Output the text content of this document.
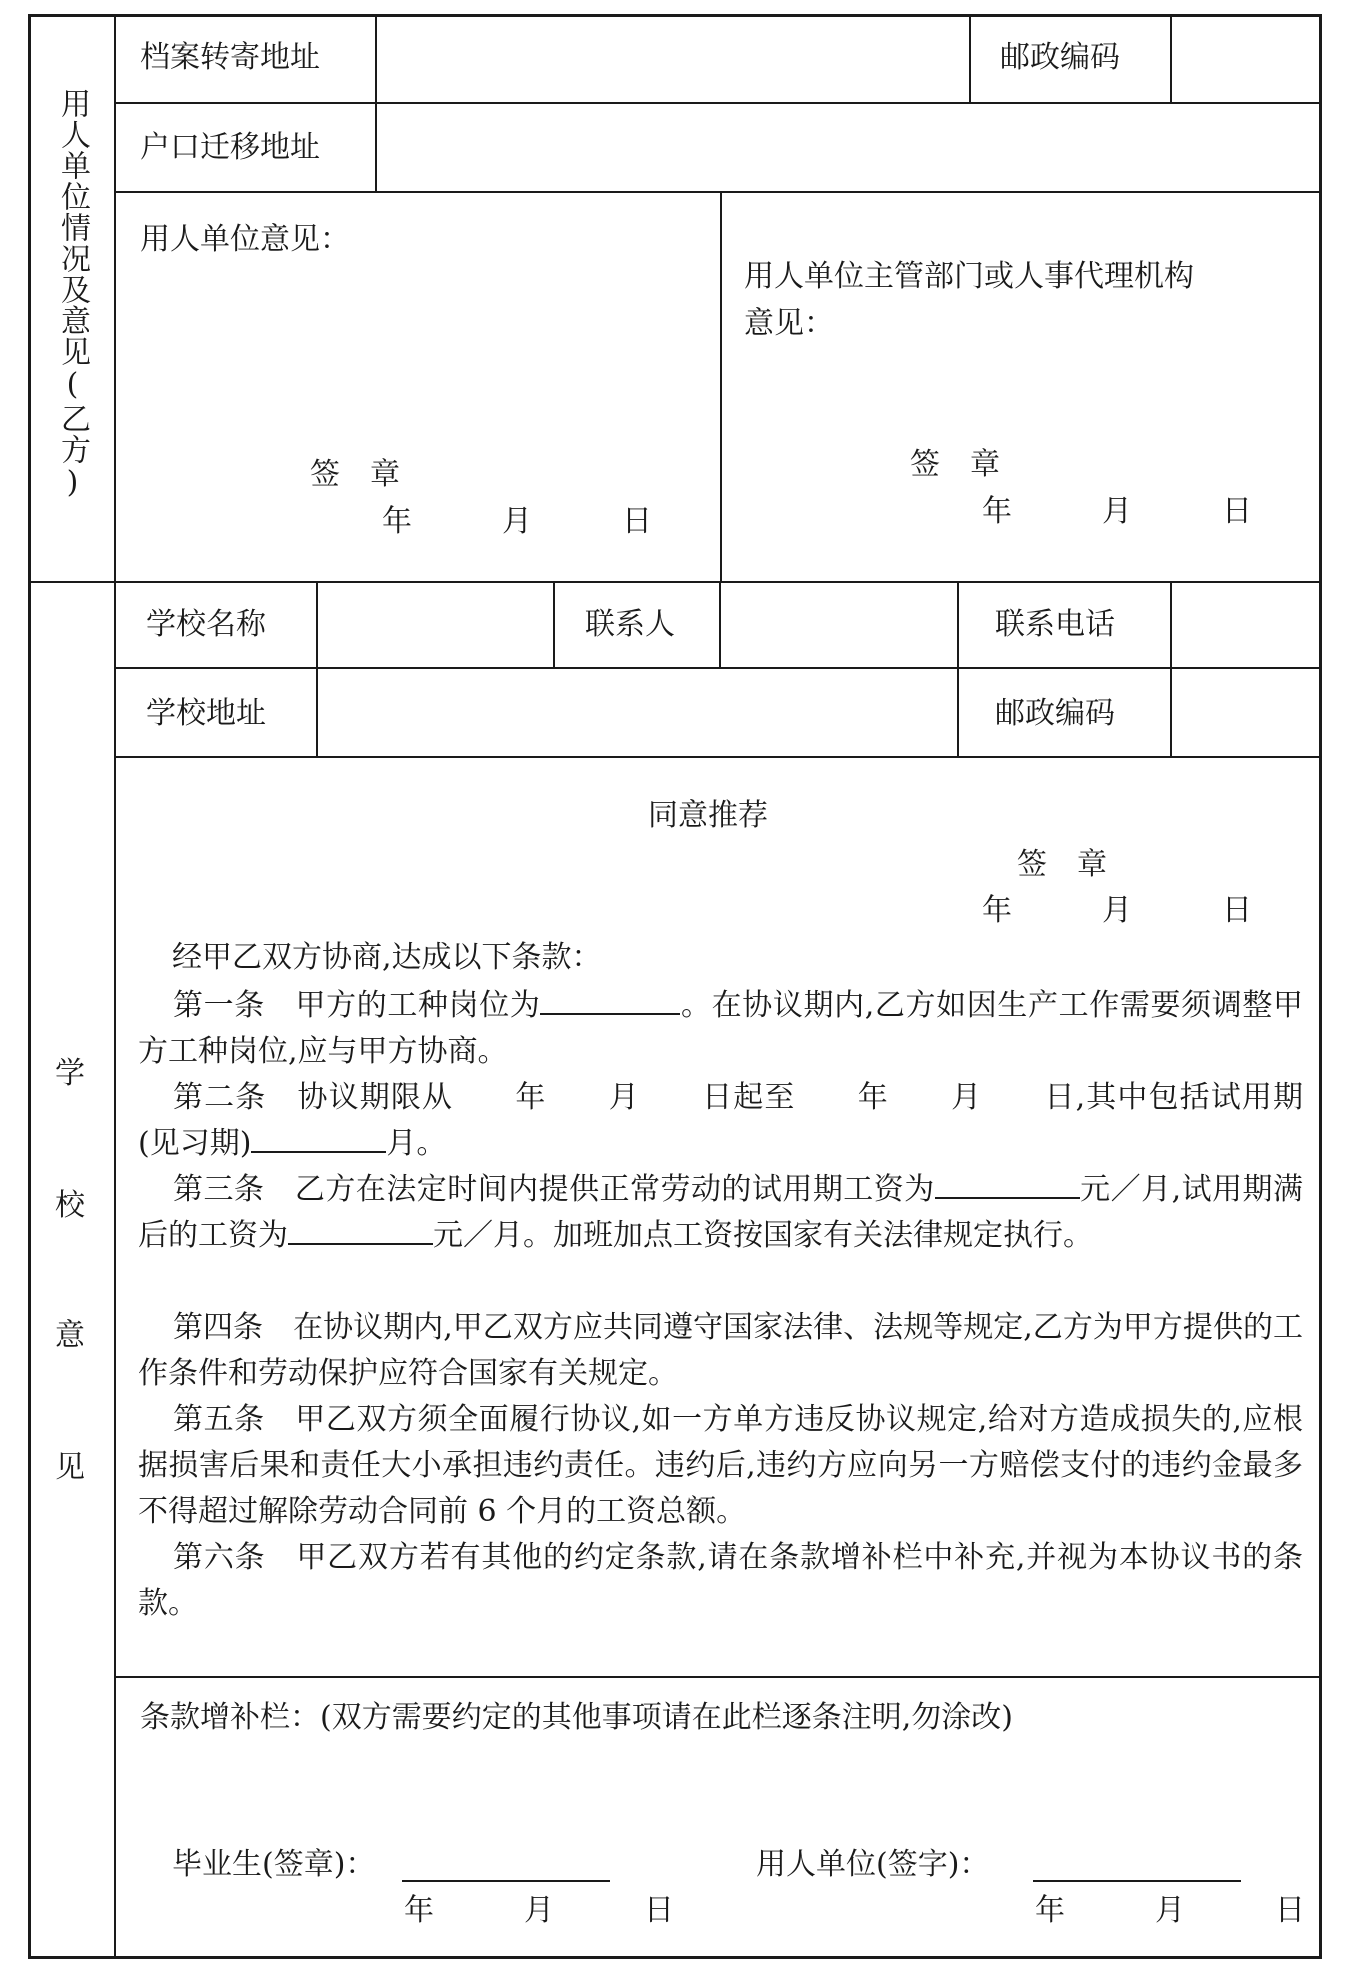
用人单位情况及意见(乙方)
学
校
意
见
档案转寄地址	邮政编码
户口迁移地址
用人单位意见：
签　章
年　　　月　　　日
用人单位主管部门或人事代理机构
意见：
签　章
年　　　月　　　日
学校名称	联系人	联系电话
学校地址	邮政编码
同意推荐
签　章
年　　　月　　　日
经甲乙双方协商,达成以下条款：
第一条　甲方的工种岗位为	。在协议期内,乙方如因生产工作需要须调整甲方工种岗位,应与甲方协商。
第二条　协议期限从　　年　　月　　日起至　　年　　月　　日,其中包括试用期(见习期)	月。
第三条　乙方在法定时间内提供正常劳动的试用期工资为	元／月,试用期满后的工资为	元／月。加班加点工资按国家有关法律规定执行。
第四条　在协议期内,甲乙双方应共同遵守国家法律、法规等规定,乙方为甲方提供的工作条件和劳动保护应符合国家有关规定。
第五条　甲乙双方须全面履行协议,如一方单方违反协议规定,给对方造成损失的,应根据损害后果和责任大小承担违约责任。违约后,违约方应向另一方赔偿支付的违约金最多不得超过解除劳动合同前 6 个月的工资总额。
第六条　甲乙双方若有其他的约定条款,请在条款增补栏中补充,并视为本协议书的条款。
条款增补栏：(双方需要约定的其他事项请在此栏逐条注明,勿涂改)
毕业生(签章)：
年　　　月　　　日
用人单位(签字)：
年　　　月　　　日
